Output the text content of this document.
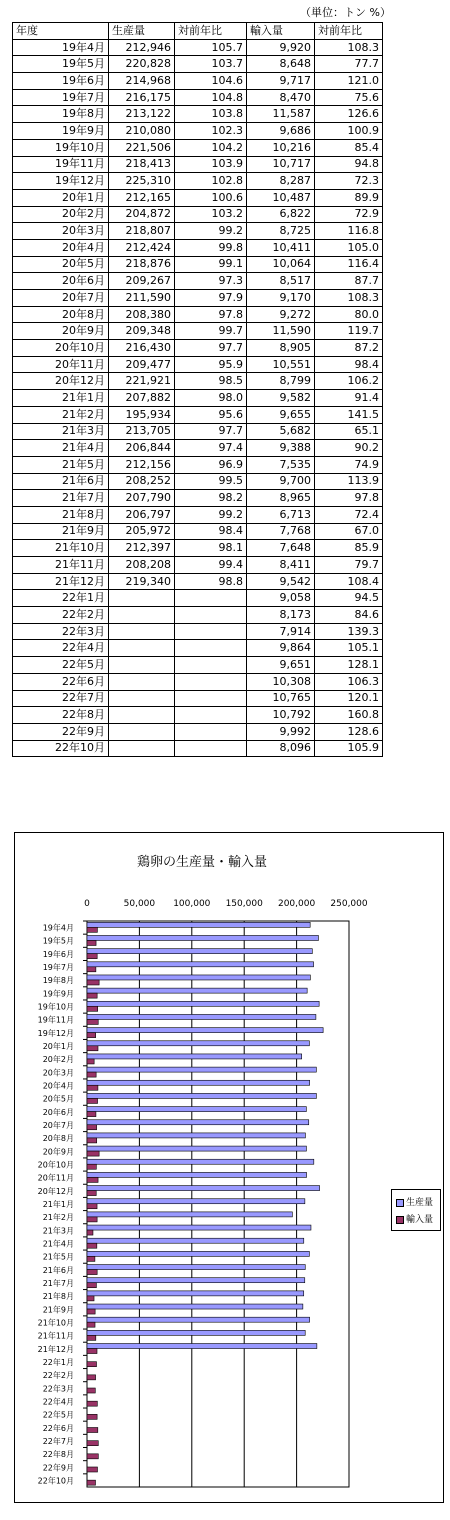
（単位：トン %）
年度	生産量	対前年比	輸入量	対前年比
19年4月	212,946	105.7	9,920	108.3
19年5月	220,828	103.7	8,648	77.7
19年6月	214,968	104.6	9,717	121.0
19年7月	216,175	104.8	8,470	75.6
19年8月	213,122	103.8	11,587	126.6
19年9月	210,080	102.3	9,686	100.9
19年10月	221,506	104.2	10,216	85.4
19年11月	218,413	103.9	10,717	94.8
19年12月	225,310	102.8	8,287	72.3
20年1月	212,165	100.6	10,487	89.9
20年2月	204,872	103.2	6,822	72.9
20年3月	218,807	99.2	8,725	116.8
20年4月	212,424	99.8	10,411	105.0
20年5月	218,876	99.1	10,064	116.4
20年6月	209,267	97.3	8,517	87.7
20年7月	211,590	97.9	9,170	108.3
20年8月	208,380	97.8	9,272	80.0
20年9月	209,348	99.7	11,590	119.7
20年10月	216,430	97.7	8,905	87.2
20年11月	209,477	95.9	10,551	98.4
20年12月	221,921	98.5	8,799	106.2
21年1月	207,882	98.0	9,582	91.4
21年2月	195,934	95.6	9,655	141.5
21年3月	213,705	97.7	5,682	65.1
21年4月	206,844	97.4	9,388	90.2
21年5月	212,156	96.9	7,535	74.9
21年6月	208,252	99.5	9,700	113.9
21年7月	207,790	98.2	8,965	97.8
21年8月	206,797	99.2	6,713	72.4
21年9月	205,972	98.4	7,768	67.0
21年10月	212,397	98.1	7,648	85.9
21年11月	208,208	99.4	8,411	79.7
21年12月	219,340	98.8	9,542	108.4
22年1月			9,058	94.5
22年2月			8,173	84.6
22年3月			7,914	139.3
22年4月			9,864	105.1
22年5月			9,651	128.1
22年6月			10,308	106.3
22年7月			10,765	120.1
22年8月			10,792	160.8
22年9月			9,992	128.6
22年10月			8,096	105.9
鶏卵の生産量・輸入量
0	50,000 100,000 150,000 200,000 250,000
19年4月
19年5月
19年6月
19年7月
19年8月
19年9月
19年10月
19年11月
19年12月
20年1月
20年2月
20年3月
20年4月
20年5月
20年6月
20年7月
20年8月
20年9月
20年10月
20年11月
20年12月
21年1月
21年2月
21年3月
21年4月
21年5月
21年6月
21年7月
21年8月
21年9月
21年10月
21年11月
21年12月
22年1月
22年2月
22年3月
22年4月
22年5月
22年6月
22年7月
22年8月
22年9月
22年10月
生産量
輸入量
